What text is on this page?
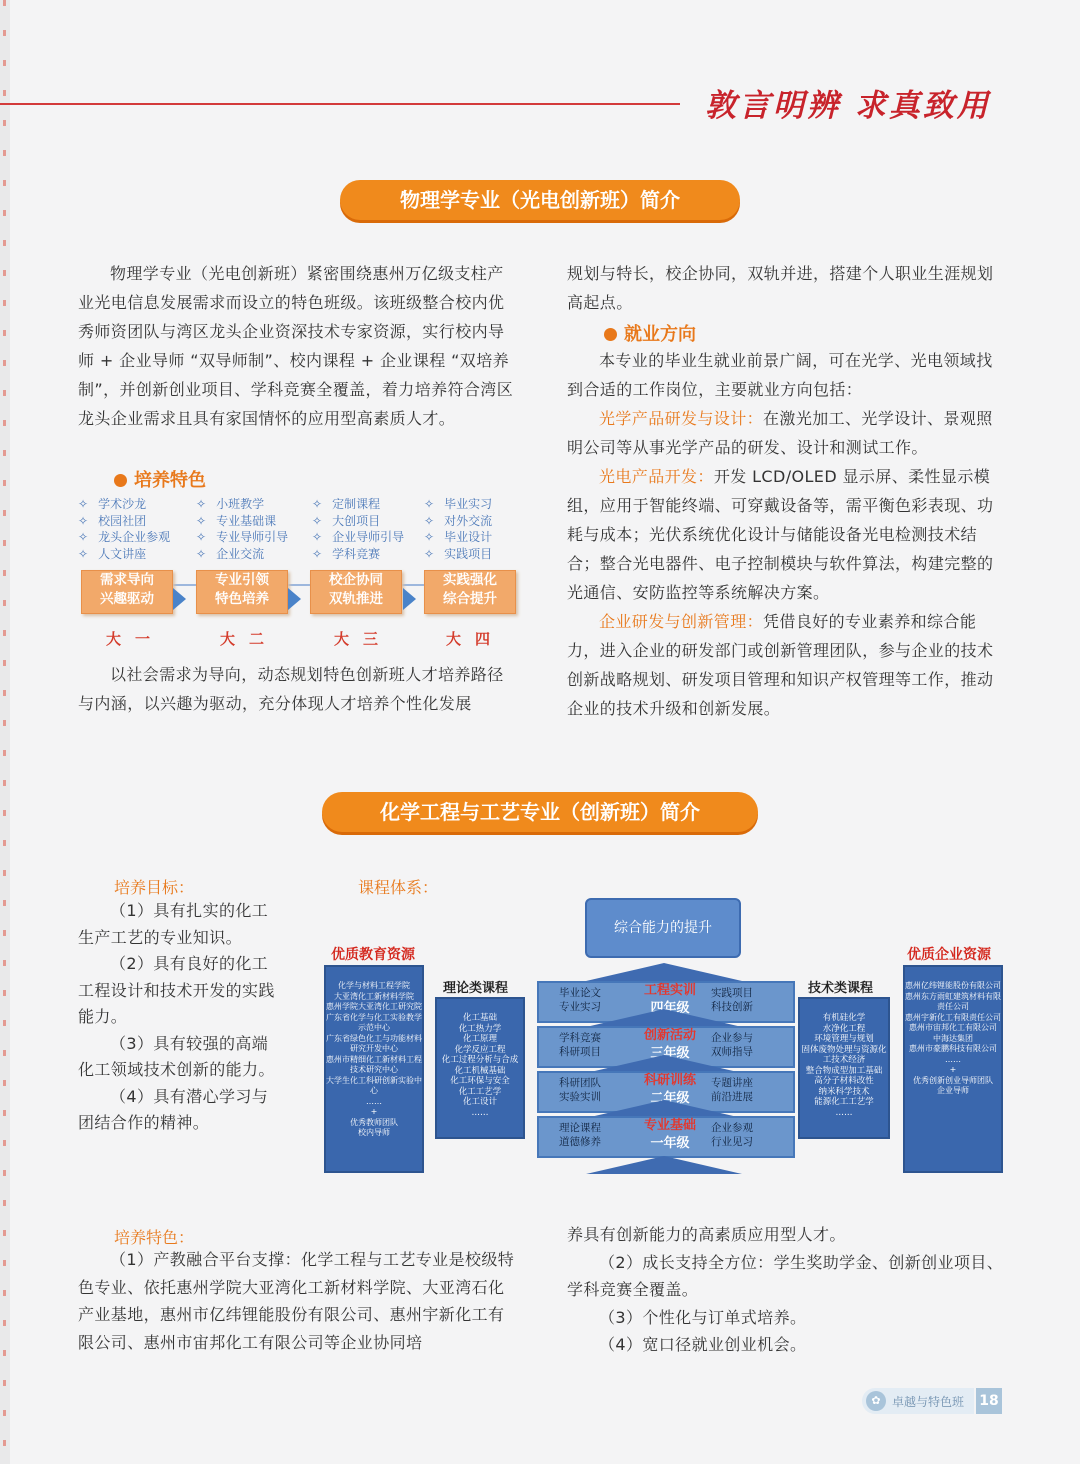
敦言明辨 求真致用
物理学专业（光电创新班）简介

物理学专业（光电创新班）紧密围绕惠州万亿级支柱产业光电信息发展需求而设立的特色班级。该班级整合校内优秀师资团队与湾区龙头企业资深技术专家资源，实行校内导师 + 企业导师 “双导师制”、校内课程 + 企业课程 “双培养制”，并创新创业项目、学科竞赛全覆盖，着力培养符合湾区龙头企业需求且具有家国情怀的应用型高素质人才。

培养特色
✧ 学术沙龙
✧ 校园社团
✧ 龙头企业参观
✧ 人文讲座
✧ 小班教学
✧ 专业基础课
✧ 专业导师引导
✧ 企业交流
✧ 定制课程
✧ 大创项目
✧ 企业导师引导
✧ 学科竞赛
✧ 毕业实习
✧ 对外交流
✧ 毕业设计
✧ 实践项目
需求导向
兴趣驱动
专业引领
特色培养
校企协同
双轨推进
实践强化
综合提升
大一	大二	大三	大四

以社会需求为导向，动态规划特色创新班人才培养路径与内涵，以兴趣为驱动，充分体现人才培养个性化发展

规划与特长，校企协同，双轨并进，搭建个人职业生涯规划高起点。

就业方向

本专业的毕业生就业前景广阔，可在光学、光电领域找到合适的工作岗位，主要就业方向包括：

光学产品研发与设计：在激光加工、光学设计、景观照明公司等从事光学产品的研发、设计和测试工作。

光电产品开发：开发 LCD/OLED 显示屏、柔性显示模组，应用于智能终端、可穿戴设备等，需平衡色彩表现、功耗与成本；光伏系统优化设计与储能设备光电检测技术结合；整合光电器件、电子控制模块与软件算法，构建完整的光通信、安防监控等系统解决方案。

企业研发与创新管理：凭借良好的专业素养和综合能力，进入企业的研发部门或创新管理团队，参与企业的技术创新战略规划、研发项目管理和知识产权管理等工作，推动企业的技术升级和创新发展。

化学工程与工艺专业（创新班）简介
培养目标：
（1）具有扎实的化工生产工艺的专业知识。
（2）具有良好的化工工程设计和技术开发的实践能力。
（3）具有较强的高端化工领域技术创新的能力。
（4）具有潜心学习与团结合作的精神。
课程体系：
综合能力的提升
优质教育资源
化学与材料工程学院
大亚湾化工新材料学院
惠州学院大亚湾化工研究院
广东省化学与化工实验教学示范中心
广东省绿色化工与功能材料研究开发中心
惠州市精细化工新材料工程技术研究中心
大学生化工科研创新实验中心
……
+
优秀教师团队
校内导师
理论类课程
化工基础
化工热力学
化工原理
化学反应工程
化工过程分析与合成
化工机械基础
化工环保与安全
化工工艺学
化工设计
……
毕业论文
专业实习
工程实训
四年级
实践项目
科技创新
学科竞赛
科研项目
创新活动
三年级
企业参与
双师指导
科研团队
实验实训
科研训练
二年级
专题讲座
前沿进展
理论课程
道德修养
专业基础
一年级
企业参观
行业见习
技术类课程
有机硅化学
水净化工程
环境管理与规划
固体废物处理与资源化工技术经济
整合物成型加工基础
高分子材料改性
纳米科学技术
能源化工工艺学
……
优质企业资源
惠州亿纬锂能股份有限公司
惠州东方雨虹建筑材料有限责任公司
惠州宇新化工有限责任公司
惠州市宙邦化工有限公司
中海达集团
惠州市豪鹏科技有限公司
……
+
优秀创新创业导师团队
企业导师
培养特色：

（1）产教融合平台支撑：化学工程与工艺专业是校级特色专业、依托惠州学院大亚湾化工新材料学院、大亚湾石化产业基地，惠州市亿纬锂能股份有限公司、惠州宇新化工有限公司、惠州市宙邦化工有限公司等企业协同培

养具有创新能力的高素质应用型人才。
（2）成长支持全方位：学生奖助学金、创新创业项目、学科竞赛全覆盖。
（3）个性化与订单式培养。
（4）宽口径就业创业机会。
✿ 卓越与特色班 18
